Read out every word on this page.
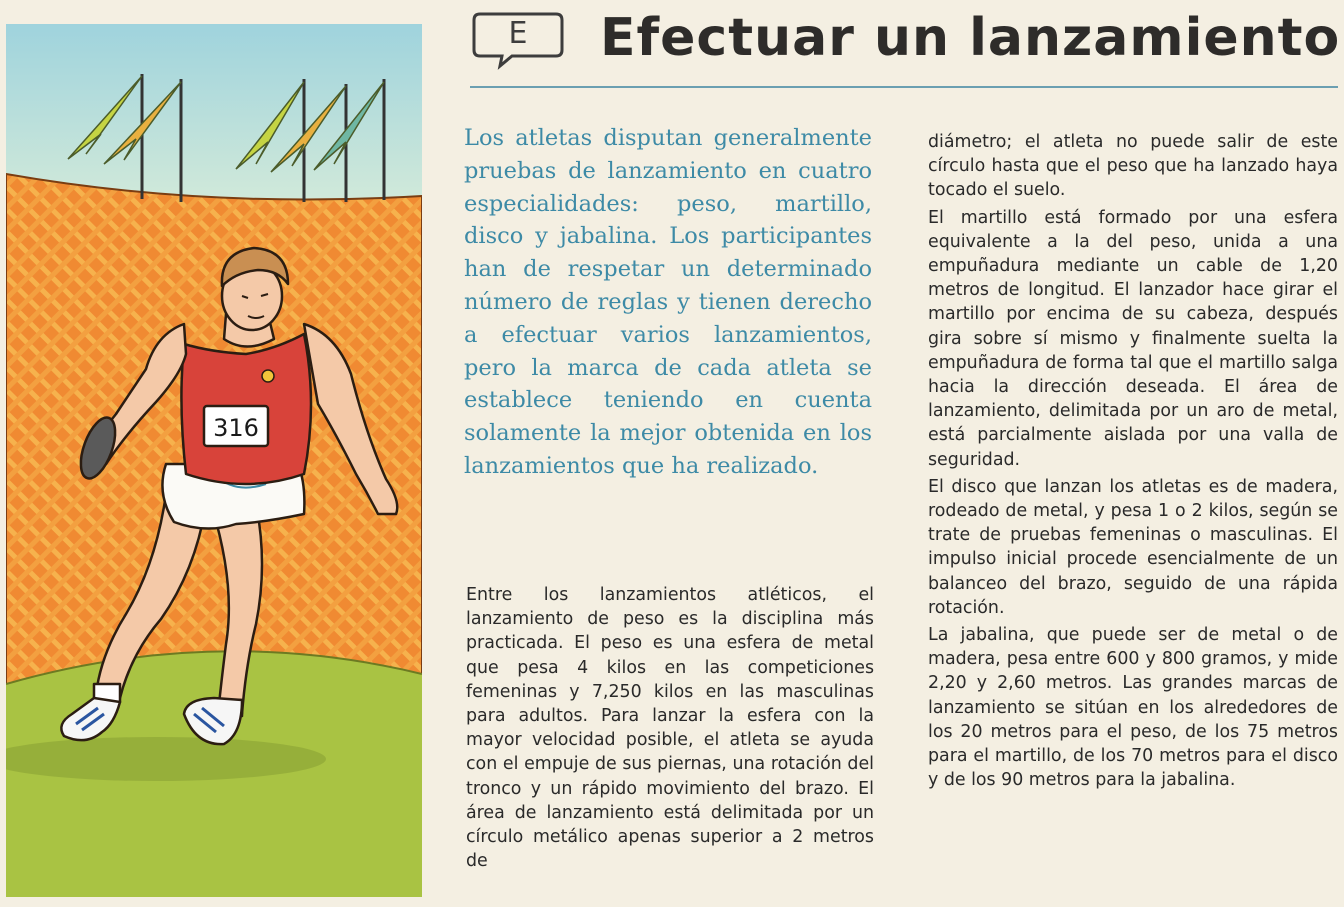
316
E	Efectuar un lanzamiento

Los atletas disputan generalmente pruebas de lanzamiento en cuatro especialidades: peso, martillo, disco y jabalina. Los participantes han de respetar un determinado número de reglas y tienen derecho a efectuar varios lanzamientos, pero la marca de cada atleta se establece teniendo en cuenta solamente la mejor obtenida en los lanzamientos que ha realizado.

Entre los lanzamientos atléticos, el lanzamiento de peso es la disciplina más practicada. El peso es una esfera de metal que pesa 4 kilos en las competiciones femeninas y 7,250 kilos en las masculinas para adultos. Para lanzar la esfera con la mayor velocidad posible, el atleta se ayuda con el empuje de sus piernas, una rotación del tronco y un rápido movimiento del brazo. El área de lanzamiento está delimitada por un círculo metálico apenas superior a 2 metros de

diámetro; el atleta no puede salir de este círculo hasta que el peso que ha lanzado haya tocado el suelo.

El martillo está formado por una esfera equivalente a la del peso, unida a una empuñadura mediante un cable de 1,20 metros de longitud. El lanzador hace girar el martillo por encima de su cabeza, después gira sobre sí mismo y finalmente suelta la empuñadura de forma tal que el martillo salga hacia la dirección deseada. El área de lanzamiento, delimitada por un aro de metal, está parcialmente aislada por una valla de seguridad.

El disco que lanzan los atletas es de madera, rodeado de metal, y pesa 1 o 2 kilos, según se trate de pruebas femeninas o masculinas. El impulso inicial procede esencialmente de un balanceo del brazo, seguido de una rápida rotación.

La jabalina, que puede ser de metal o de madera, pesa entre 600 y 800 gramos, y mide 2,20 y 2,60 metros. Las grandes marcas de lanzamiento se sitúan en los alrededores de los 20 metros para el peso, de los 75 metros para el martillo, de los 70 metros para el disco y de los 90 metros para la jabalina.
